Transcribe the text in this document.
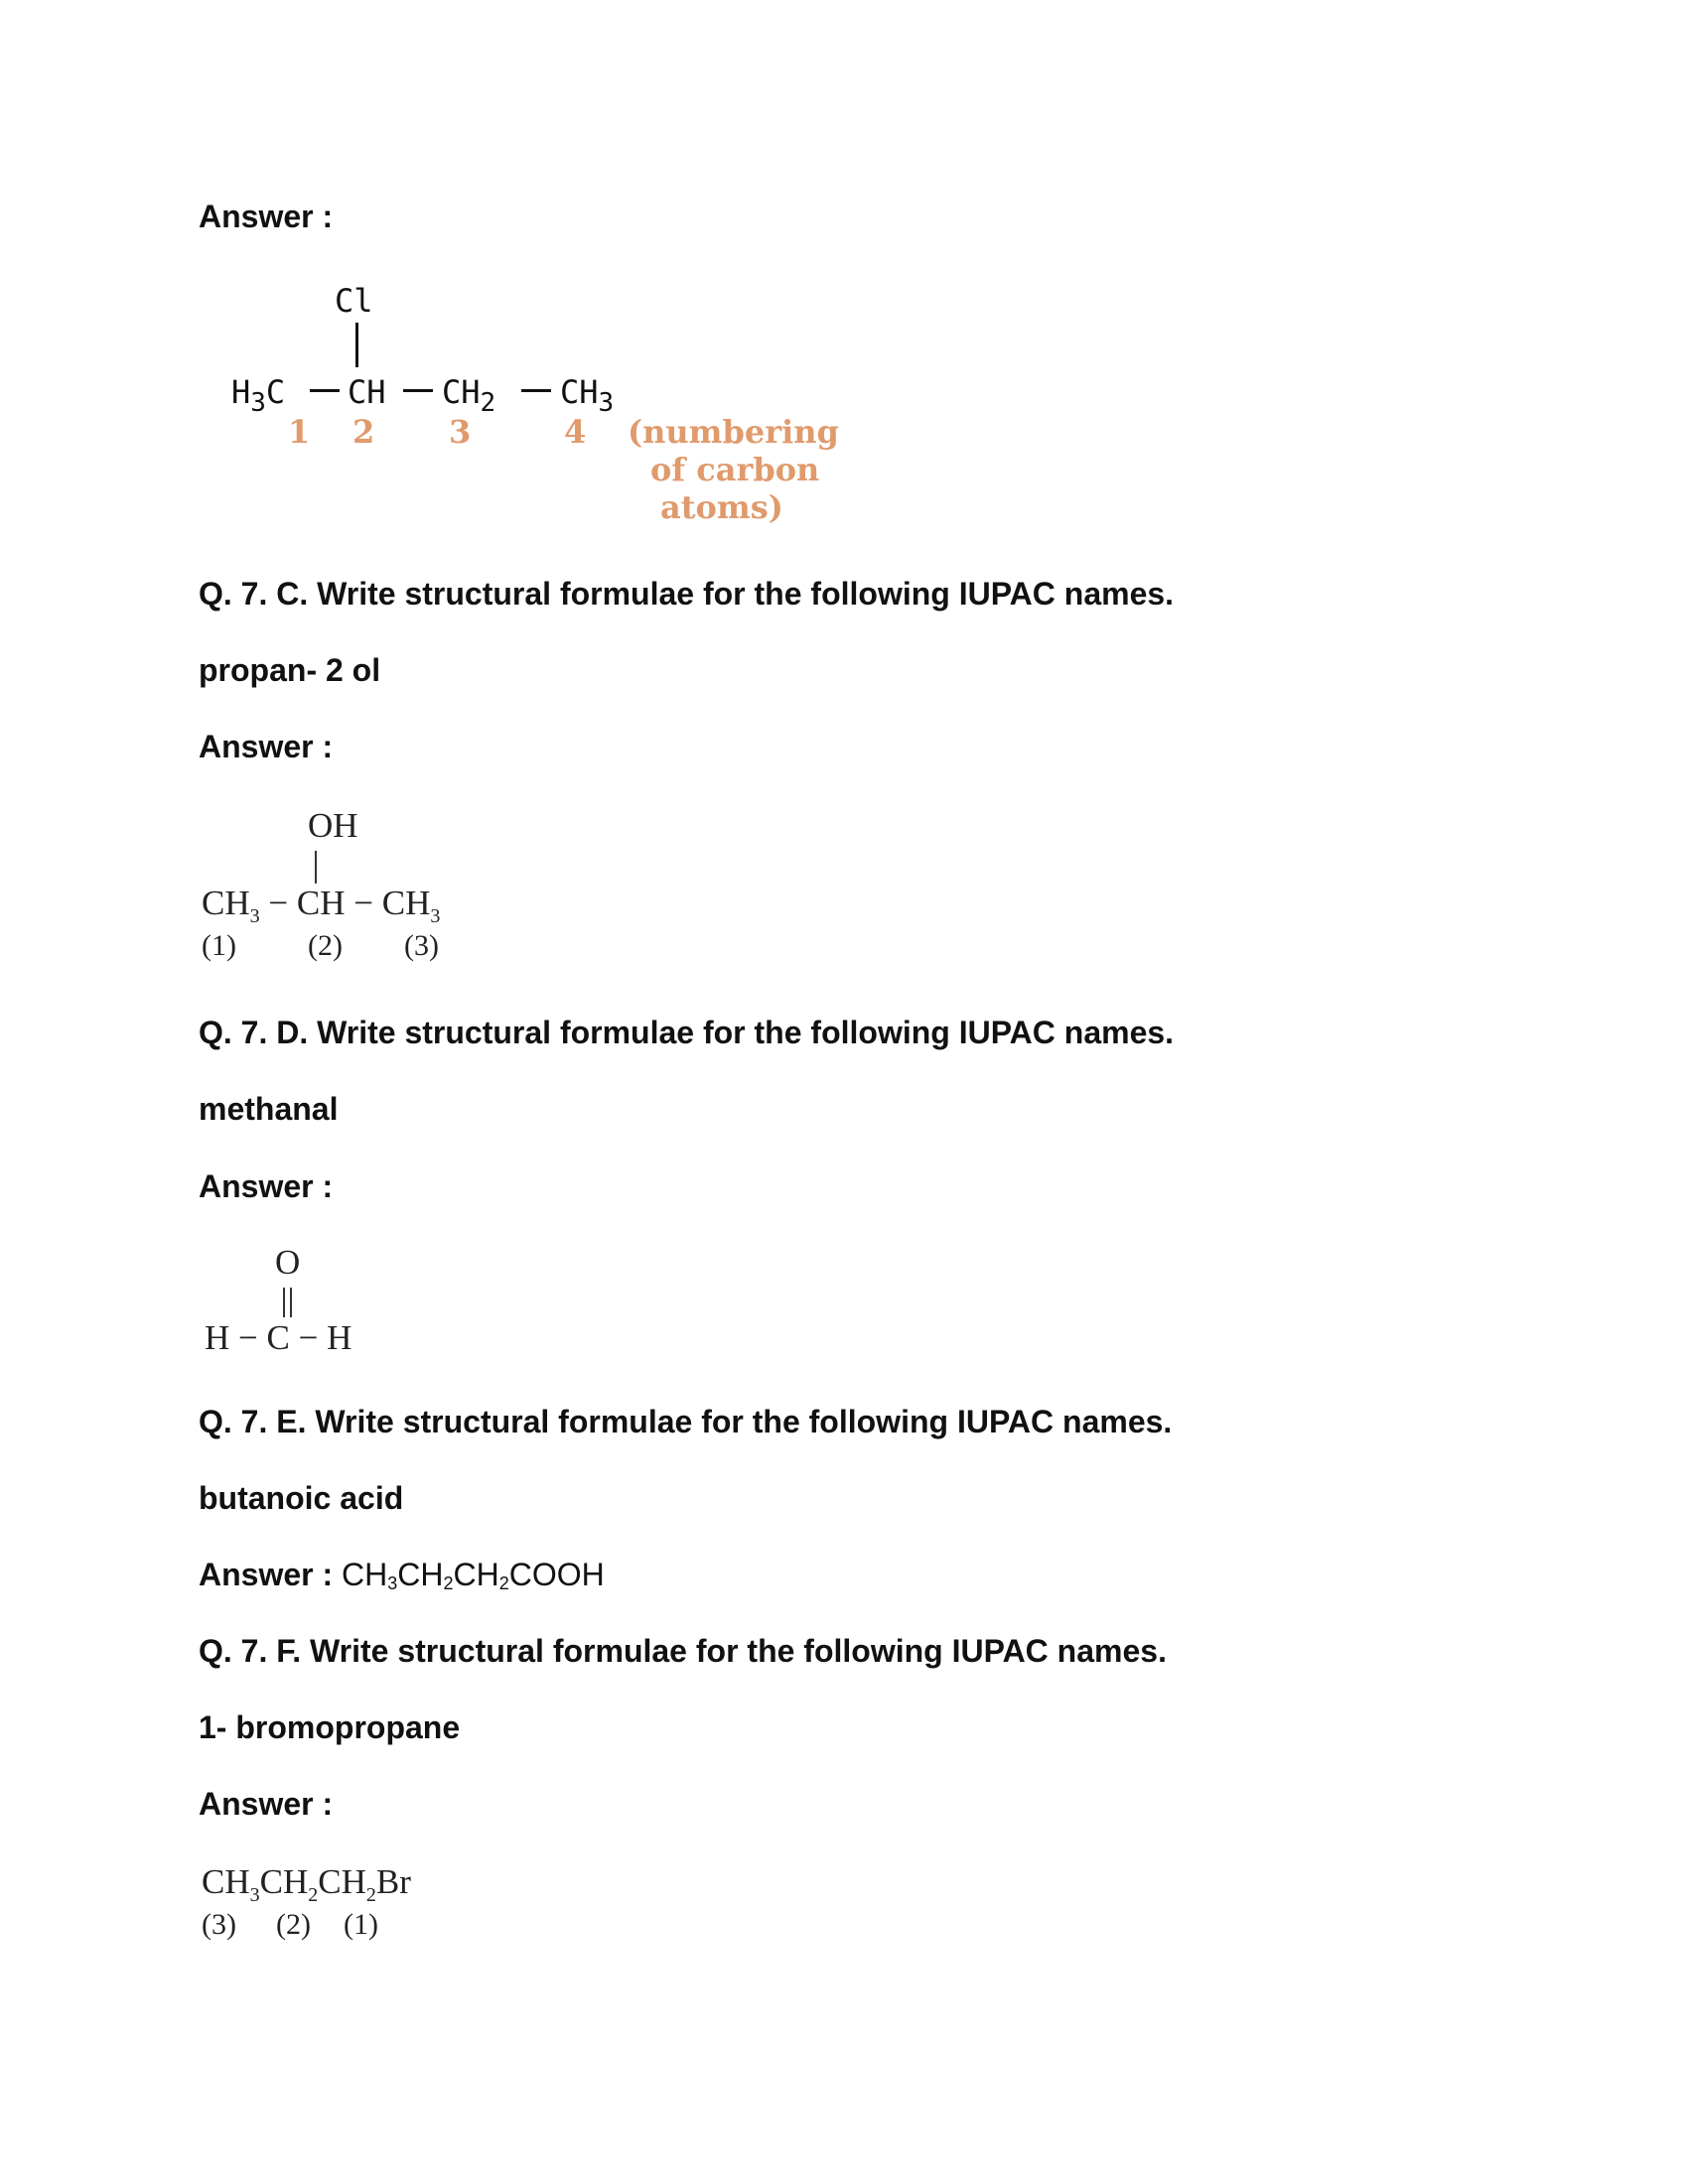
Answer :
Cl
$H_3C$ CH $CH_2$ $CH_3$
1 2 3	4 (numbering
of carbon
atoms)
Q. 7. C. Write structural formulae for the following IUPAC names.
propan- 2 ol
Answer :
OH
$CH_3$ − CH − $CH_3$
(1) (2) (3)
Q. 7. D. Write structural formulae for the following IUPAC names.
methanal
Answer :
O
H − C − H
Q. 7. E. Write structural formulae for the following IUPAC names.
butanoic acid
Answer : $CH_3CH_2CH_2COOH$
Q. 7. F. Write structural formulae for the following IUPAC names.
1- bromopropane
Answer :
$CH_3CH_2CH_2Br$
(3) (2) (1)
